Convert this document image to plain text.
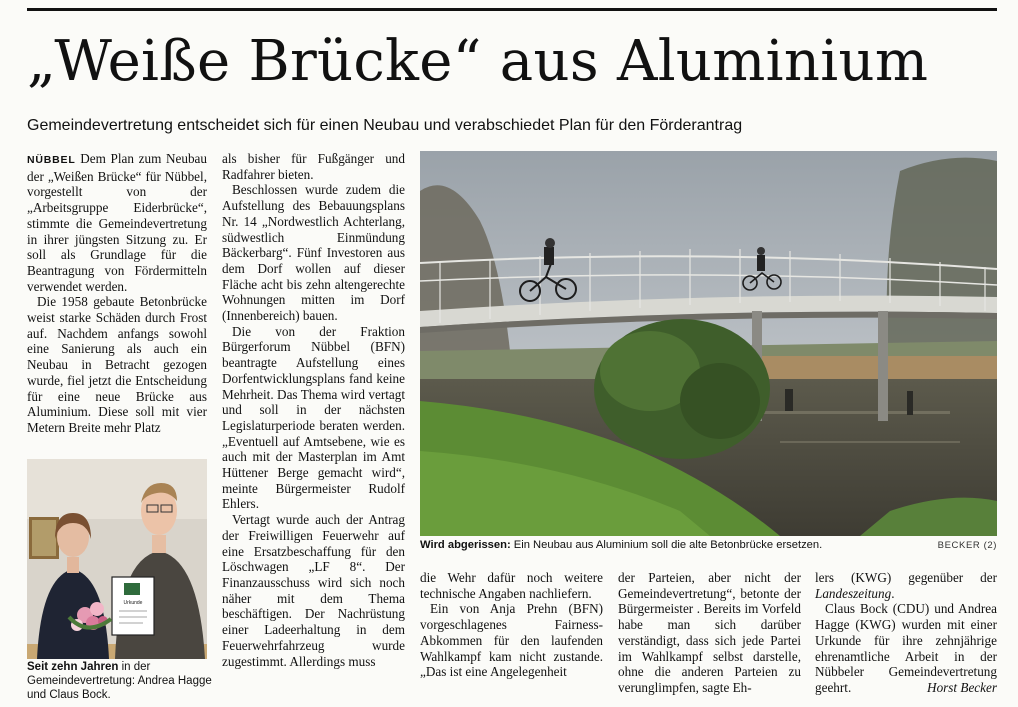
„Weiße Brücke“ aus Aluminium
Gemeindevertretung entscheidet sich für einen Neubau und verabschiedet Plan für den Förderantrag

NÜBBEL Dem Plan zum Neubau der „Weißen Brücke“ für Nübbel, vorgestellt von der „Arbeitsgruppe Eiderbrücke“, stimmte die Gemeindevertretung in ihrer jüngsten Sitzung zu. Er soll als Grundlage für die Beantragung von Fördermitteln verwendet werden.

Die 1958 gebaute Betonbrücke weist starke Schäden durch Frost auf. Nachdem anfangs sowohl eine Sanierung als auch ein Neubau in Betracht gezogen wurde, fiel jetzt die Entscheidung für eine neue Brücke aus Aluminium. Diese soll mit vier Metern Breite mehr Platz

Urkunde
Seit zehn Jahren in der Gemeindevertretung: Andrea Hagge und Claus Bock.

als bisher für Fußgänger und Radfahrer bieten.

Beschlossen wurde zudem die Aufstellung des Bebauungsplans Nr. 14 „Nordwestlich Achterlang, südwestlich Einmündung Bäckerbarg“. Fünf Investoren aus dem Dorf wollen auf dieser Fläche acht bis zehn altengerechte Wohnungen mitten im Dorf (Innenbereich) bauen.

Die von der Fraktion Bürgerforum Nübbel (BFN) beantragte Aufstellung eines Dorfentwicklungsplans fand keine Mehrheit. Das Thema wird vertagt und soll in der nächsten Legislaturperiode beraten werden. „Eventuell auf Amtsebene, wie es auch mit der Masterplan im Amt Hüttener Berge gemacht wird“, meinte Bürgermeister Rudolf Ehlers.

Vertagt wurde auch der Antrag der Freiwilligen Feuerwehr auf eine Ersatzbeschaffung für den Löschwagen „LF 8“. Der Finanzausschuss wird sich noch näher mit dem Thema beschäftigen. Der Nachrüstung einer Ladeerhaltung in dem Feuerwehrfahrzeug wurde zugestimmt. Allerdings muss

Wird abgerissen: Ein Neubau aus Aluminium soll die alte Betonbrücke ersetzen.	BECKER (2)

die Wehr dafür noch weitere technische Angaben nachliefern.

Ein von Anja Prehn (BFN) vorgeschlagenes Fairness-Abkommen für den laufenden Wahlkampf kam nicht zustande. „Das ist eine Angelegenheit

der Parteien, aber nicht der Gemeindevertretung“, betonte der Bürgermeister . Bereits im Vorfeld habe man sich darüber verständigt, dass sich jede Partei im Wahlkampf selbst darstelle, ohne die anderen Parteien zu verunglimpfen, sagte Eh-

lers (KWG) gegenüber der Landeszeitung.

Claus Bock (CDU) und Andrea Hagge (KWG) wurden mit einer Urkunde für ihre zehnjährige ehrenamtliche Arbeit in der Nübbeler Gemeindevertretung geehrt.	Horst Becker
